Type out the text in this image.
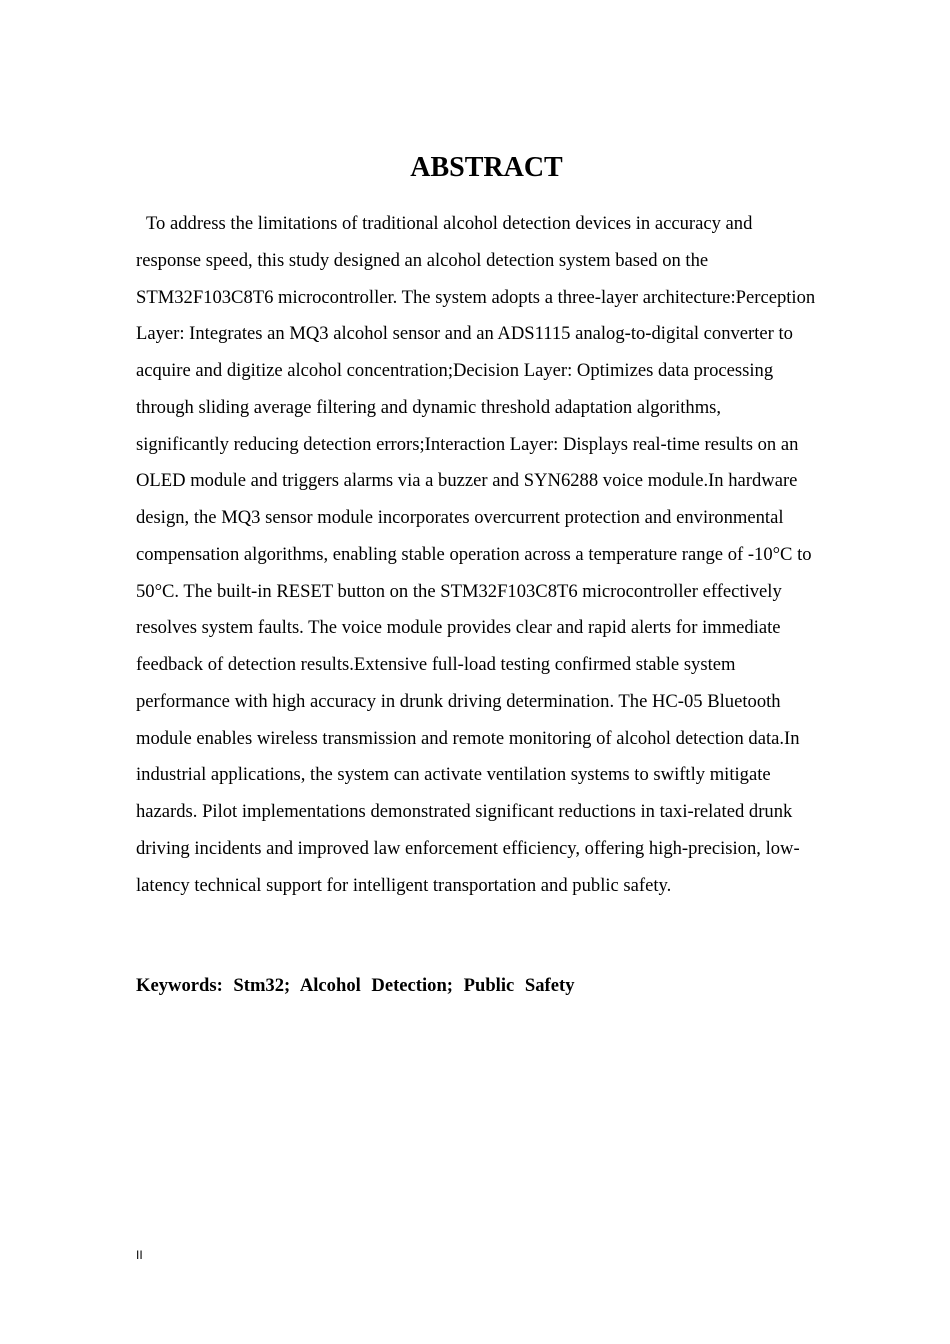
ABSTRACT
To address the limitations of traditional alcohol detection devices in accuracy and
response speed, this study designed an alcohol detection system based on the
STM32F103C8T6 microcontroller. The system adopts a three-layer architecture:Perception
Layer: Integrates an MQ3 alcohol sensor and an ADS1115 analog-to-digital converter to
acquire and digitize alcohol concentration;Decision Layer: Optimizes data processing
through sliding average filtering and dynamic threshold adaptation algorithms,
significantly reducing detection errors;Interaction Layer: Displays real-time results on an
OLED module and triggers alarms via a buzzer and SYN6288 voice module.In hardware
design, the MQ3 sensor module incorporates overcurrent protection and environmental
compensation algorithms, enabling stable operation across a temperature range of -10°C to
50°C. The built-in RESET button on the STM32F103C8T6 microcontroller effectively
resolves system faults. The voice module provides clear and rapid alerts for immediate
feedback of detection results.Extensive full-load testing confirmed stable system
performance with high accuracy in drunk driving determination. The HC-05 Bluetooth
module enables wireless transmission and remote monitoring of alcohol detection data.In
industrial applications, the system can activate ventilation systems to swiftly mitigate
hazards. Pilot implementations demonstrated significant reductions in taxi-related drunk
driving incidents and improved law enforcement efficiency, offering high-precision, low-
latency technical support for intelligent transportation and public safety.

Keywords: Stm32; Alcohol Detection; Public Safety

II
